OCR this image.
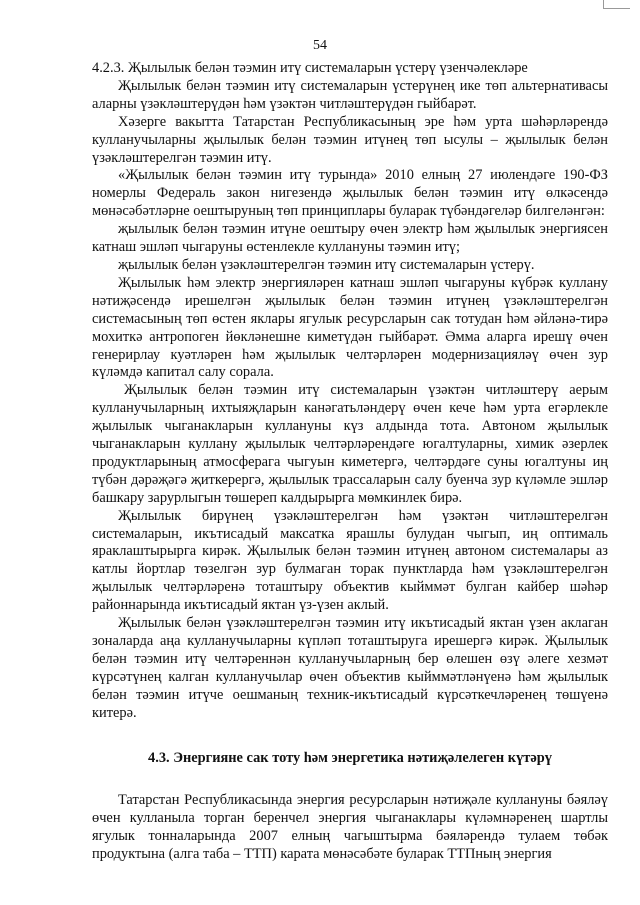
54

4.2.3. Җылылык белән тәэмин итү системаларын үстерү үзенчәлекләре

Җылылык белән тәэмин итү системаларын үстерүнең ике төп альтернативасы аларны үзәкләштерүдән һәм үзәктән читләштерүдән гыйбарәт.

Хәзерге вакытта Татарстан Республикасының эре һәм урта шәһәрләрендә кулланучыларны җылылык белән тәэмин итүнең төп ысулы – җылылык белән үзәкләштерелгән тәэмин итү.

«Җылылык белән тәэмин итү турында» 2010 елның 27 июлендәге 190-ФЗ номерлы Федераль закон нигезендә җылылык белән тәэмин итү өлкәсендә мөнәсәбәтләрне оештыруның төп принциплары буларак түбәндәгеләр билгеләнгән:

җылылык белән тәэмин итүне оештыру өчен электр һәм җылылык энергиясен катнаш эшләп чыгаруны өстенлекле куллануны тәэмин итү;

җылылык белән үзәкләштерелгән тәэмин итү системаларын үстерү.

Җылылык һәм электр энергияләрен катнаш эшләп чыгаруны күбрәк куллану нәтиҗәсендә ирешелгән җылылык белән тәэмин итүнең үзәкләштерелгән системасының төп өстен яклары ягулык ресурсларын сак тотудан һәм әйләнә-тирә мохиткә антропоген йөкләнешне киметүдән гыйбарәт. Әмма аларга ирешү өчен генерирлау куәтләрен һәм җылылык челтәрләрен модернизацияләү өчен зур күләмдә капитал салу сорала.

Җылылык белән тәэмин итү системаларын үзәктән читләштерү аерым кулланучыларның ихтыяҗларын канәгатьләндерү өчен кече һәм урта егәрлекле җылылык чыганакларын куллануны күз алдында тота. Автоном җылылык чыганакларын куллану җылылык челтәрләрендәге югалтуларны, химик әзерлек продуктларының атмосферага чыгуын киметергә, челтәрдәге суны югалтуны иң түбән дәрәҗәгә җиткерергә, җылылык трассаларын салу буенча зур күләмле эшләр башкару зарурлыгын төшереп калдырырга мөмкинлек бирә.

Җылылык бирүнең үзәкләштерелгән һәм үзәктән читләштерелгән системаларын, икътисадый максатка ярашлы булудан чыгып, иң оптималь яраклаштырырга кирәк. Җылылык белән тәэмин итүнең автоном системалары аз катлы йортлар төзелгән зур булмаган торак пунктларда һәм үзәкләштерелгән җылылык челтәрләренә тоташтыру объектив кыйммәт булган кайбер шәһәр районнарында икътисадый яктан үз-үзен аклый.

Җылылык белән үзәкләштерелгән тәэмин итү икътисадый яктан үзен аклаган зоналарда аңа кулланучыларны күпләп тоташтыруга ирешергә кирәк. Җылылык белән тәэмин итү челтәреннән кулланучыларның бер өлешен өзү әлеге хезмәт күрсәтүнең калган кулланучылар өчен объектив кыйммәтләнүенә һәм җылылык белән тәэмин итүче оешманың техник-икътисадый күрсәткечләренең төшүенә китерә.

4.3. Энергияне сак тоту һәм энергетика нәтиҗәлелеген күтәрү

Татарстан Республикасында энергия ресурсларын нәтиҗәле куллануны бәяләү өчен кулланыла торган беренчел энергия чыганаклары күләмнәренең шартлы ягулык тонналарында 2007 елның чагыштырма бәяләрендә тулаем төбәк продуктына (алга таба – ТТП) карата мөнәсәбәте буларак ТТПның энергия
